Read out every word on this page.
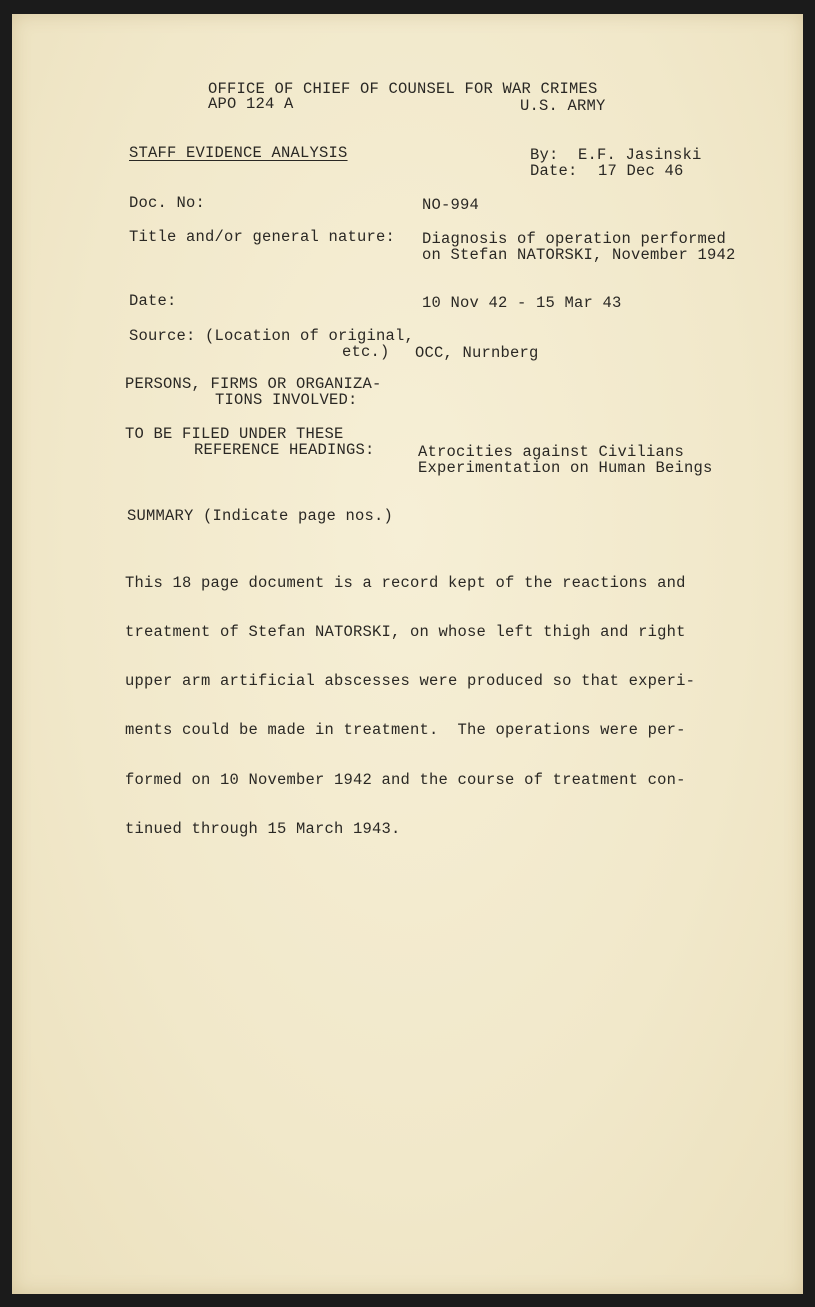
OFFICE OF CHIEF OF COUNSEL FOR WAR CRIMES
APO 124 A	U.S. ARMY
STAFF EVIDENCE ANALYSIS	By: E.F. Jasinski
Date: 17 Dec 46
Doc. No:	NO-994
Title and/or general nature: Diagnosis of operation performed
on Stefan NATORSKI, November 1942
Date:	10 Nov 42 - 15 Mar 43
Source: (Location of original,
etc.) OCC, Nurnberg
PERSONS, FIRMS OR ORGANIZA-
TIONS INVOLVED:
TO BE FILED UNDER THESE
REFERENCE HEADINGS:	Atrocities against Civilians
Experimentation on Human Beings
SUMMARY (Indicate page nos.)

This 18 page document is a record kept of the reactions and

treatment of Stefan NATORSKI, on whose left thigh and right

upper arm artificial abscesses were produced so that experi-

ments could be made in treatment.  The operations were per-

formed on 10 November 1942 and the course of treatment con-

tinued through 15 March 1943.
